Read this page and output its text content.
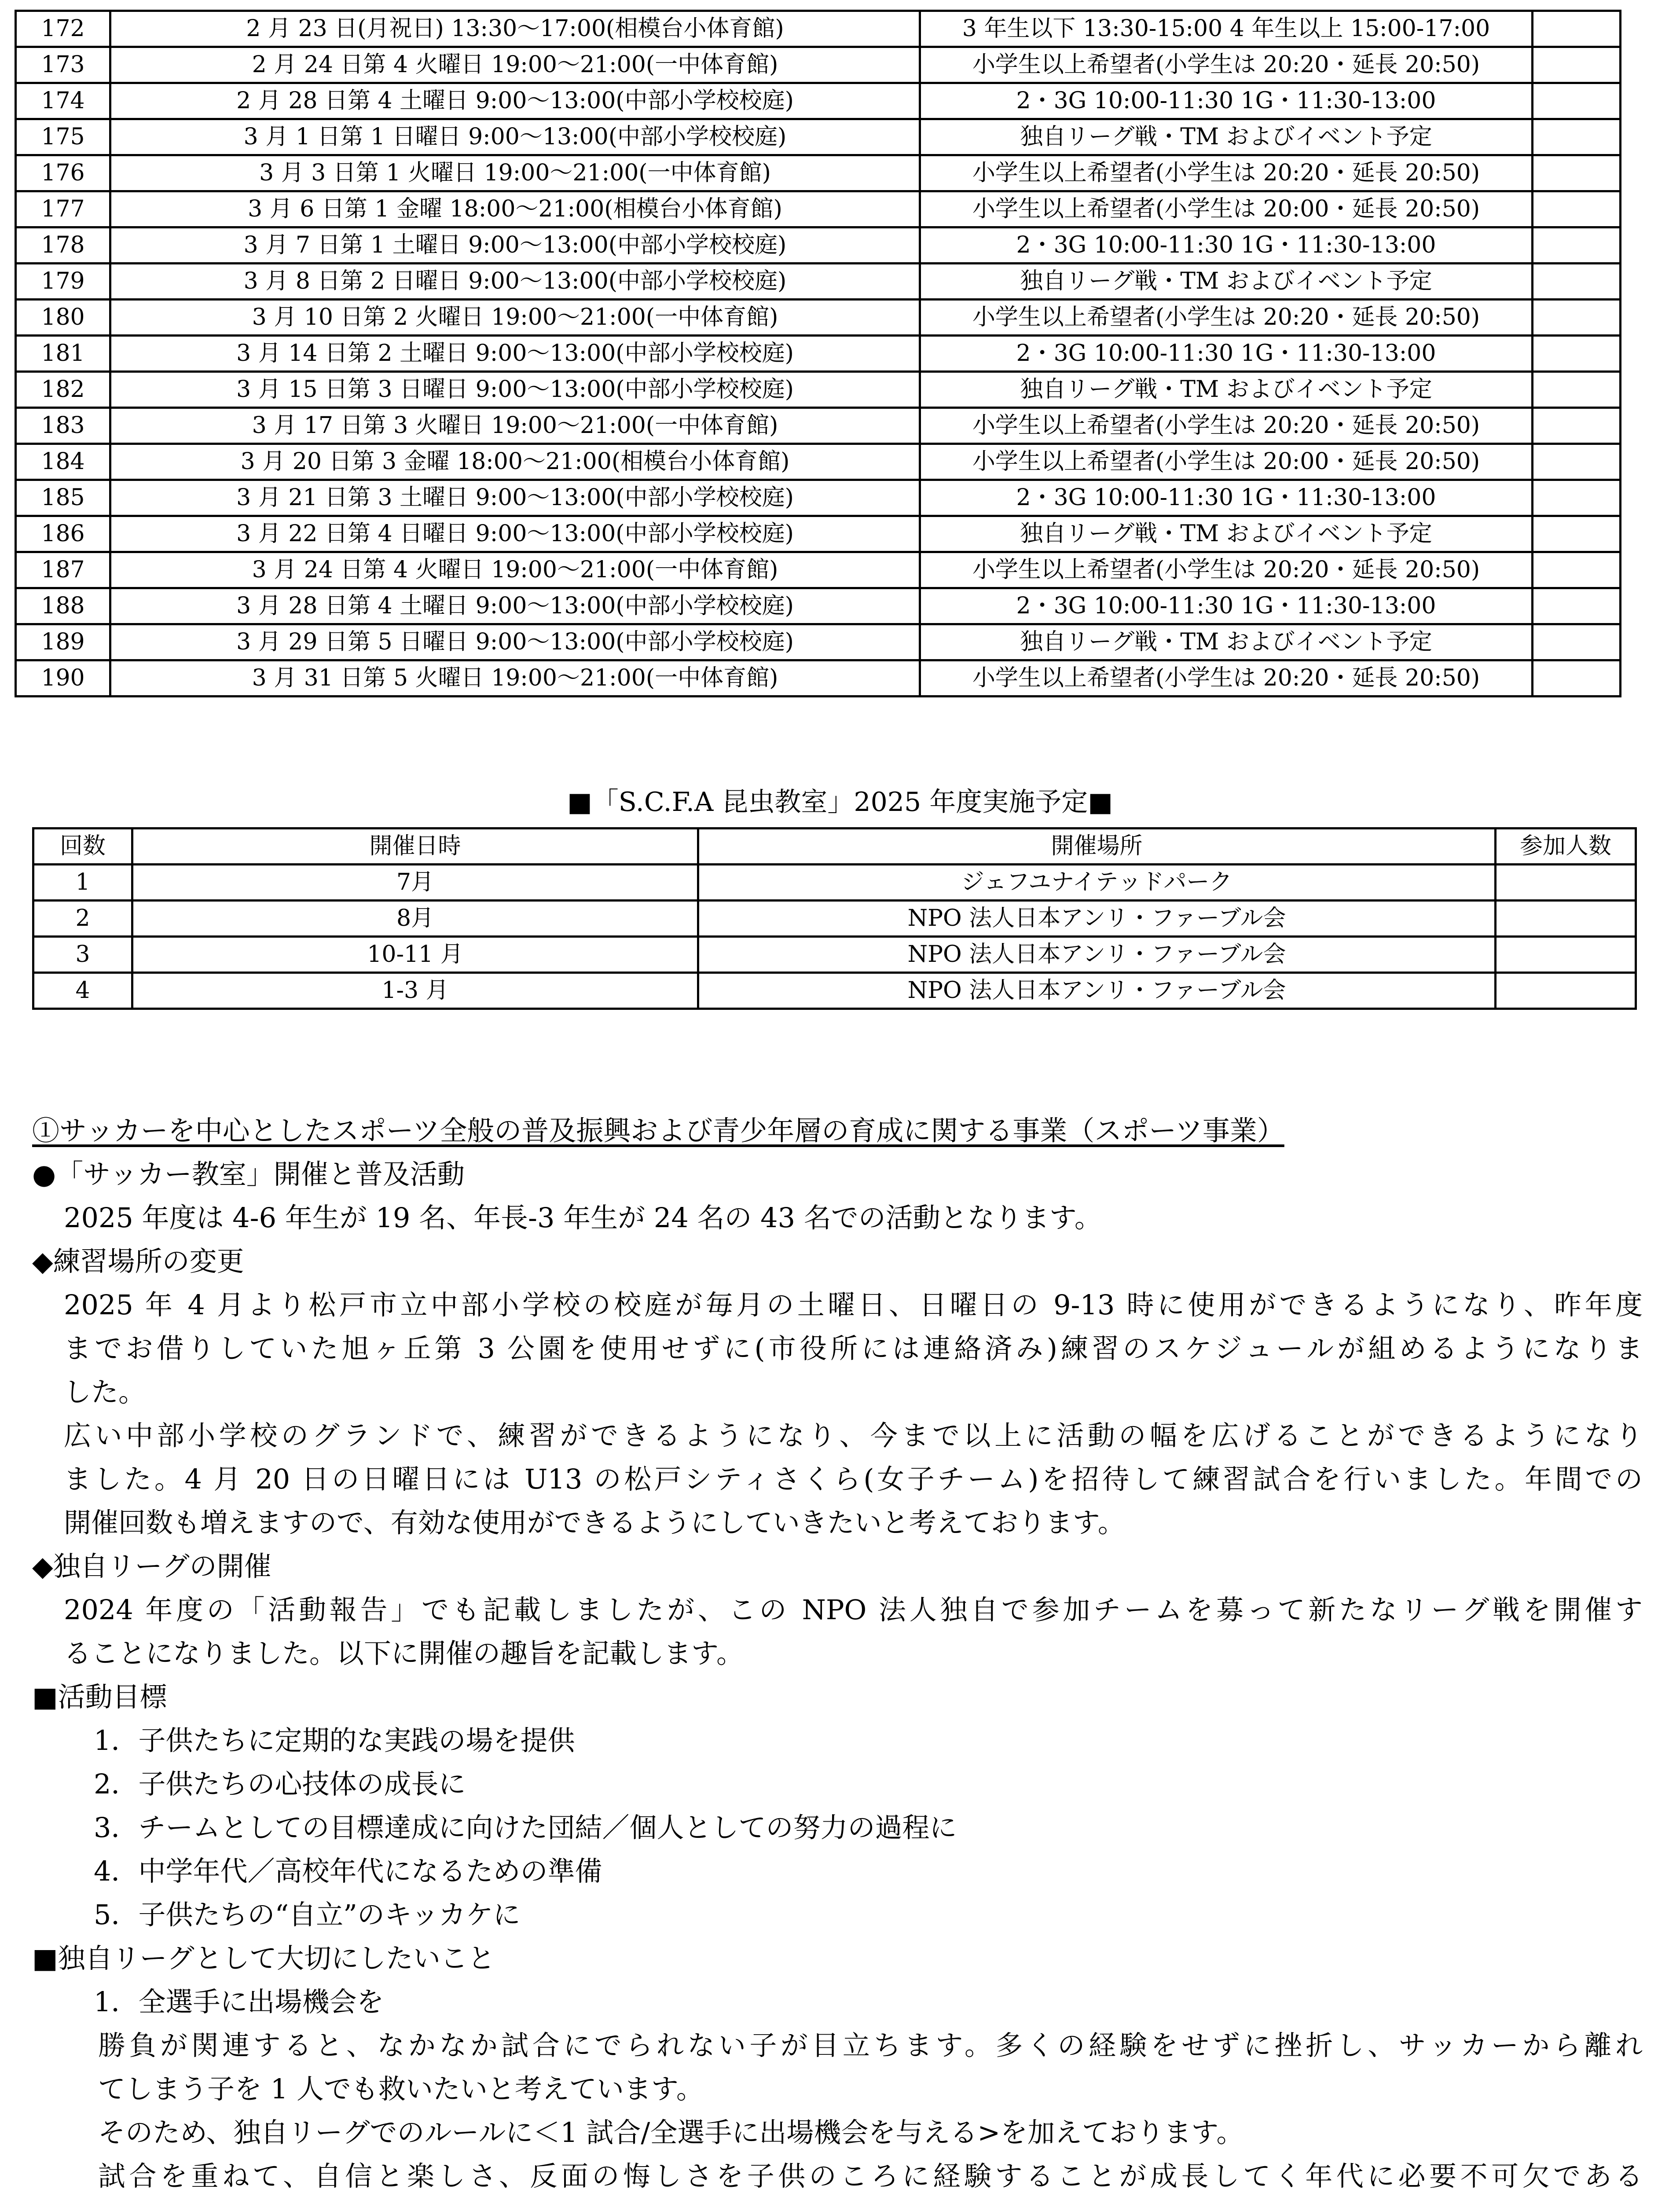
172	2 月 23 日(月祝日) 13:30～17:00(相模台小体育館)	3 年生以下 13:30-15:00 4 年生以上 15:00-17:00	
173	2 月 24 日第 4 火曜日 19:00～21:00(一中体育館)	小学生以上希望者(小学生は 20:20・延長 20:50)	
174	2 月 28 日第 4 土曜日 9:00～13:00(中部小学校校庭)	2・3G 10:00-11:30 1G・11:30-13:00	
175	3 月 1 日第 1 日曜日 9:00～13:00(中部小学校校庭)	独自リーグ戦・TM およびイベント予定	
176	3 月 3 日第 1 火曜日 19:00～21:00(一中体育館)	小学生以上希望者(小学生は 20:20・延長 20:50)	
177	3 月 6 日第 1 金曜 18:00～21:00(相模台小体育館)	小学生以上希望者(小学生は 20:00・延長 20:50)	
178	3 月 7 日第 1 土曜日 9:00～13:00(中部小学校校庭)	2・3G 10:00-11:30 1G・11:30-13:00	
179	3 月 8 日第 2 日曜日 9:00～13:00(中部小学校校庭)	独自リーグ戦・TM およびイベント予定	
180	3 月 10 日第 2 火曜日 19:00～21:00(一中体育館)	小学生以上希望者(小学生は 20:20・延長 20:50)	
181	3 月 14 日第 2 土曜日 9:00～13:00(中部小学校校庭)	2・3G 10:00-11:30 1G・11:30-13:00	
182	3 月 15 日第 3 日曜日 9:00～13:00(中部小学校校庭)	独自リーグ戦・TM およびイベント予定	
183	3 月 17 日第 3 火曜日 19:00～21:00(一中体育館)	小学生以上希望者(小学生は 20:20・延長 20:50)	
184	3 月 20 日第 3 金曜 18:00～21:00(相模台小体育館)	小学生以上希望者(小学生は 20:00・延長 20:50)	
185	3 月 21 日第 3 土曜日 9:00～13:00(中部小学校校庭)	2・3G 10:00-11:30 1G・11:30-13:00	
186	3 月 22 日第 4 日曜日 9:00～13:00(中部小学校校庭)	独自リーグ戦・TM およびイベント予定	
187	3 月 24 日第 4 火曜日 19:00～21:00(一中体育館)	小学生以上希望者(小学生は 20:20・延長 20:50)	
188	3 月 28 日第 4 土曜日 9:00～13:00(中部小学校校庭)	2・3G 10:00-11:30 1G・11:30-13:00	
189	3 月 29 日第 5 日曜日 9:00～13:00(中部小学校校庭)	独自リーグ戦・TM およびイベント予定	
190	3 月 31 日第 5 火曜日 19:00～21:00(一中体育館)	小学生以上希望者(小学生は 20:20・延長 20:50)	
■「S.C.F.A 昆虫教室」2025 年度実施予定■
回数	開催日時	開催場所	参加人数
1	7月	ジェフユナイテッドパーク	
2	8月	NPO 法人日本アンリ・ファーブル会	
3	10-11 月	NPO 法人日本アンリ・ファーブル会	
4	1-3 月	NPO 法人日本アンリ・ファーブル会	
①サッカーを中心としたスポーツ全般の普及振興および青少年層の育成に関する事業（スポーツ事業）
●「サッカー教室」開催と普及活動
2025 年度は 4-6 年生が 19 名、年長-3 年生が 24 名の 43 名での活動となります。
◆練習場所の変更
2025 年 4 月より松戸市立中部小学校の校庭が毎月の土曜日、日曜日の 9-13 時に使用ができるようになり、昨年度
までお借りしていた旭ヶ丘第 3 公園を使用せずに(市役所には連絡済み)練習のスケジュールが組めるようになりま
した。
広い中部小学校のグランドで、練習ができるようになり、今まで以上に活動の幅を広げることができるようになり
ました。4 月 20 日の日曜日には U13 の松戸シティさくら(女子チーム)を招待して練習試合を行いました。年間での
開催回数も増えますので、有効な使用ができるようにしていきたいと考えております。
◆独自リーグの開催
2024 年度の「活動報告」でも記載しましたが、この NPO 法人独自で参加チームを募って新たなリーグ戦を開催す
ることになりました。以下に開催の趣旨を記載します。
■活動目標
1．子供たちに定期的な実践の場を提供
2．子供たちの心技体の成長に
3．チームとしての目標達成に向けた団結／個人としての努力の過程に
4．中学年代／高校年代になるための準備
5．子供たちの“自立”のキッカケに
■独自リーグとして大切にしたいこと
1．全選手に出場機会を
勝負が関連すると、なかなか試合にでられない子が目立ちます。多くの経験をせずに挫折し、サッカーから離れ
てしまう子を 1 人でも救いたいと考えています。
そのため、独自リーグでのルールに＜1 試合/全選手に出場機会を与える>を加えております。
試合を重ねて、自信と楽しさ、反面の悔しさを子供のころに経験することが成長してく年代に必要不可欠である
